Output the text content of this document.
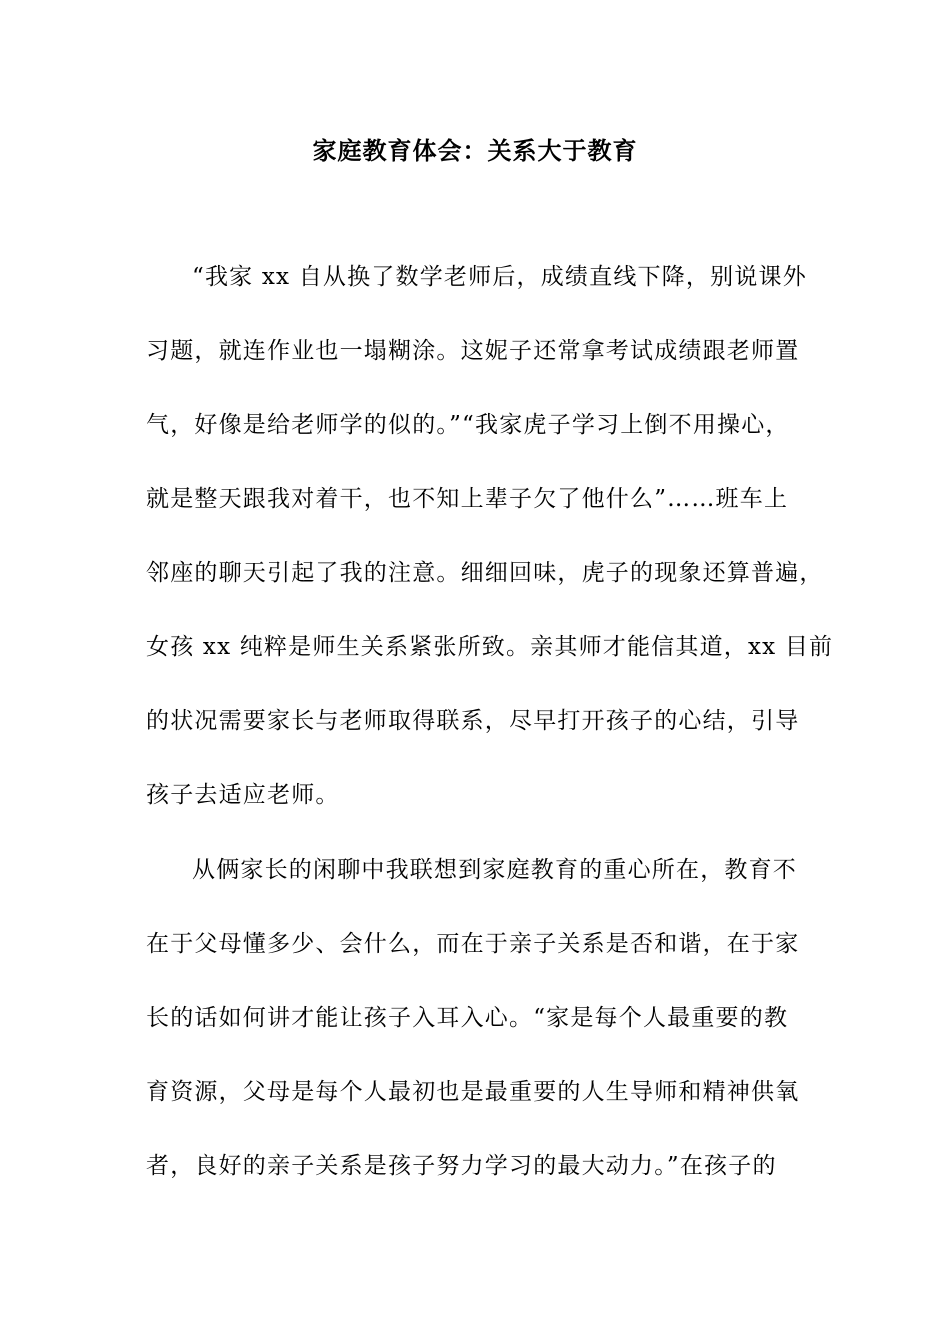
家庭教育体会：关系大于教育
“我家 xx 自从换了数学老师后，成绩直线下降，别说课外
习题，就连作业也一塌糊涂。这妮子还常拿考试成绩跟老师置
气，好像是给老师学的似的。”“我家虎子学习上倒不用操心，
就是整天跟我对着干，也不知上辈子欠了他什么”……班车上
邻座的聊天引起了我的注意。细细回味，虎子的现象还算普遍，
女孩 xx 纯粹是师生关系紧张所致。亲其师才能信其道，xx 目前
的状况需要家长与老师取得联系，尽早打开孩子的心结，引导
孩子去适应老师。
从俩家长的闲聊中我联想到家庭教育的重心所在，教育不
在于父母懂多少、会什么，而在于亲子关系是否和谐，在于家
长的话如何讲才能让孩子入耳入心。“家是每个人最重要的教
育资源，父母是每个人最初也是最重要的人生导师和精神供氧
者，良好的亲子关系是孩子努力学习的最大动力。”在孩子的
